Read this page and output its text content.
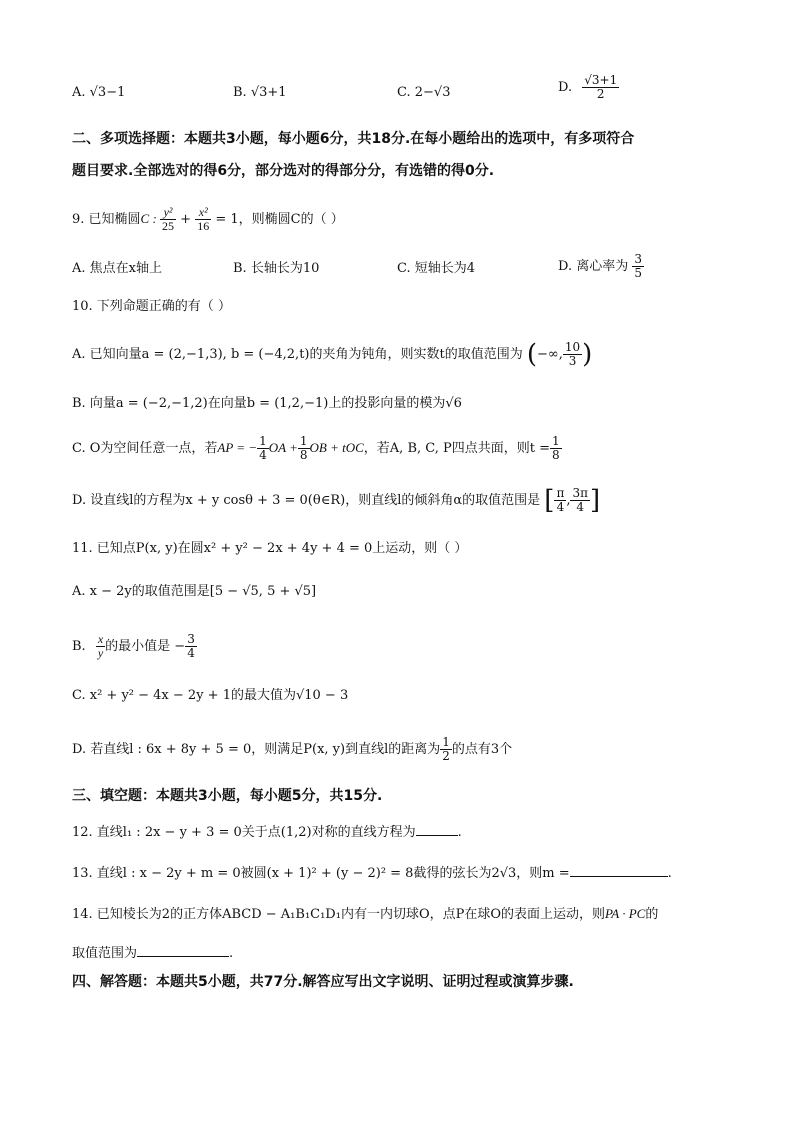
A. √3−1	B. √3+1	C. 2−√3	D. $\frac{√3+1}{2}$
二、多项选择题：本题共3小题，每小题6分，共18分.在每小题给出的选项中，有多项符合
题目要求.全部选对的得6分，部分选对的得部分分，有选错的得0分.
9. 已知椭圆C : $\frac{\text{y²}}{25} + \frac{\text{x²}}{16} = 1$，则椭圆C的（ ）
A. 焦点在x轴上	B. 长轴长为10	C. 短轴长为4	D. 离心率为 $\frac{3}{5}$
10. 下列命题正确的有（ ）
A. 已知向量a = (2,−1,3), b = (−4,2,t)的夹角为钝角，则实数t的取值范围为 (−∞, $\frac{10}{3}$ )
B. 向量a = (−2,−1,2)在向量b = (1,2,−1)上的投影向量的模为√6
C. O为空间任意一点，若AP = − $\frac{1}{4}$ OA + $\frac{1}{8}$ OB + tOC，若A, B, C, P四点共面，则$t = \frac{1}{8}$
D. 设直线l的方程为x + y cosθ + 3 = 0(θ∈R)，则直线l的倾斜角α的取值范围是 [ $\frac{\pi}{4}$ , $\frac{3\pi}{4}$ ]
11. 已知点P(x, y)在圆x² + y² − 2x + 4y + 4 = 0上运动，则（ ）
A. x − 2y的取值范围是[5 − √5, 5 + √5]
B. $\frac{x}{y}$ 的最小值是 − $\frac{3}{4}$
C. x² + y² − 4x − 2y + 1的最大值为√10 − 3
D. 若直线l : 6x + 8y + 5 = 0，则满足P(x, y)到直线l的距离为 $\frac{1}{2}$ 的点有3个
三、填空题：本题共3小题，每小题5分，共15分.
12. 直线l₁ : 2x − y + 3 = 0关于点(1,2)对称的直线方程为	.
13. 直线l : x − 2y + m = 0被圆(x + 1)² + (y − 2)² = 8截得的弦长为2√3，则m =	.
14. 已知棱长为2的正方体ABCD − A₁B₁C₁D₁内有一内切球O，点P在球O的表面上运动，则PA · PC的
取值范围为	.
四、解答题：本题共5小题，共77分.解答应写出文字说明、证明过程或演算步骤.
